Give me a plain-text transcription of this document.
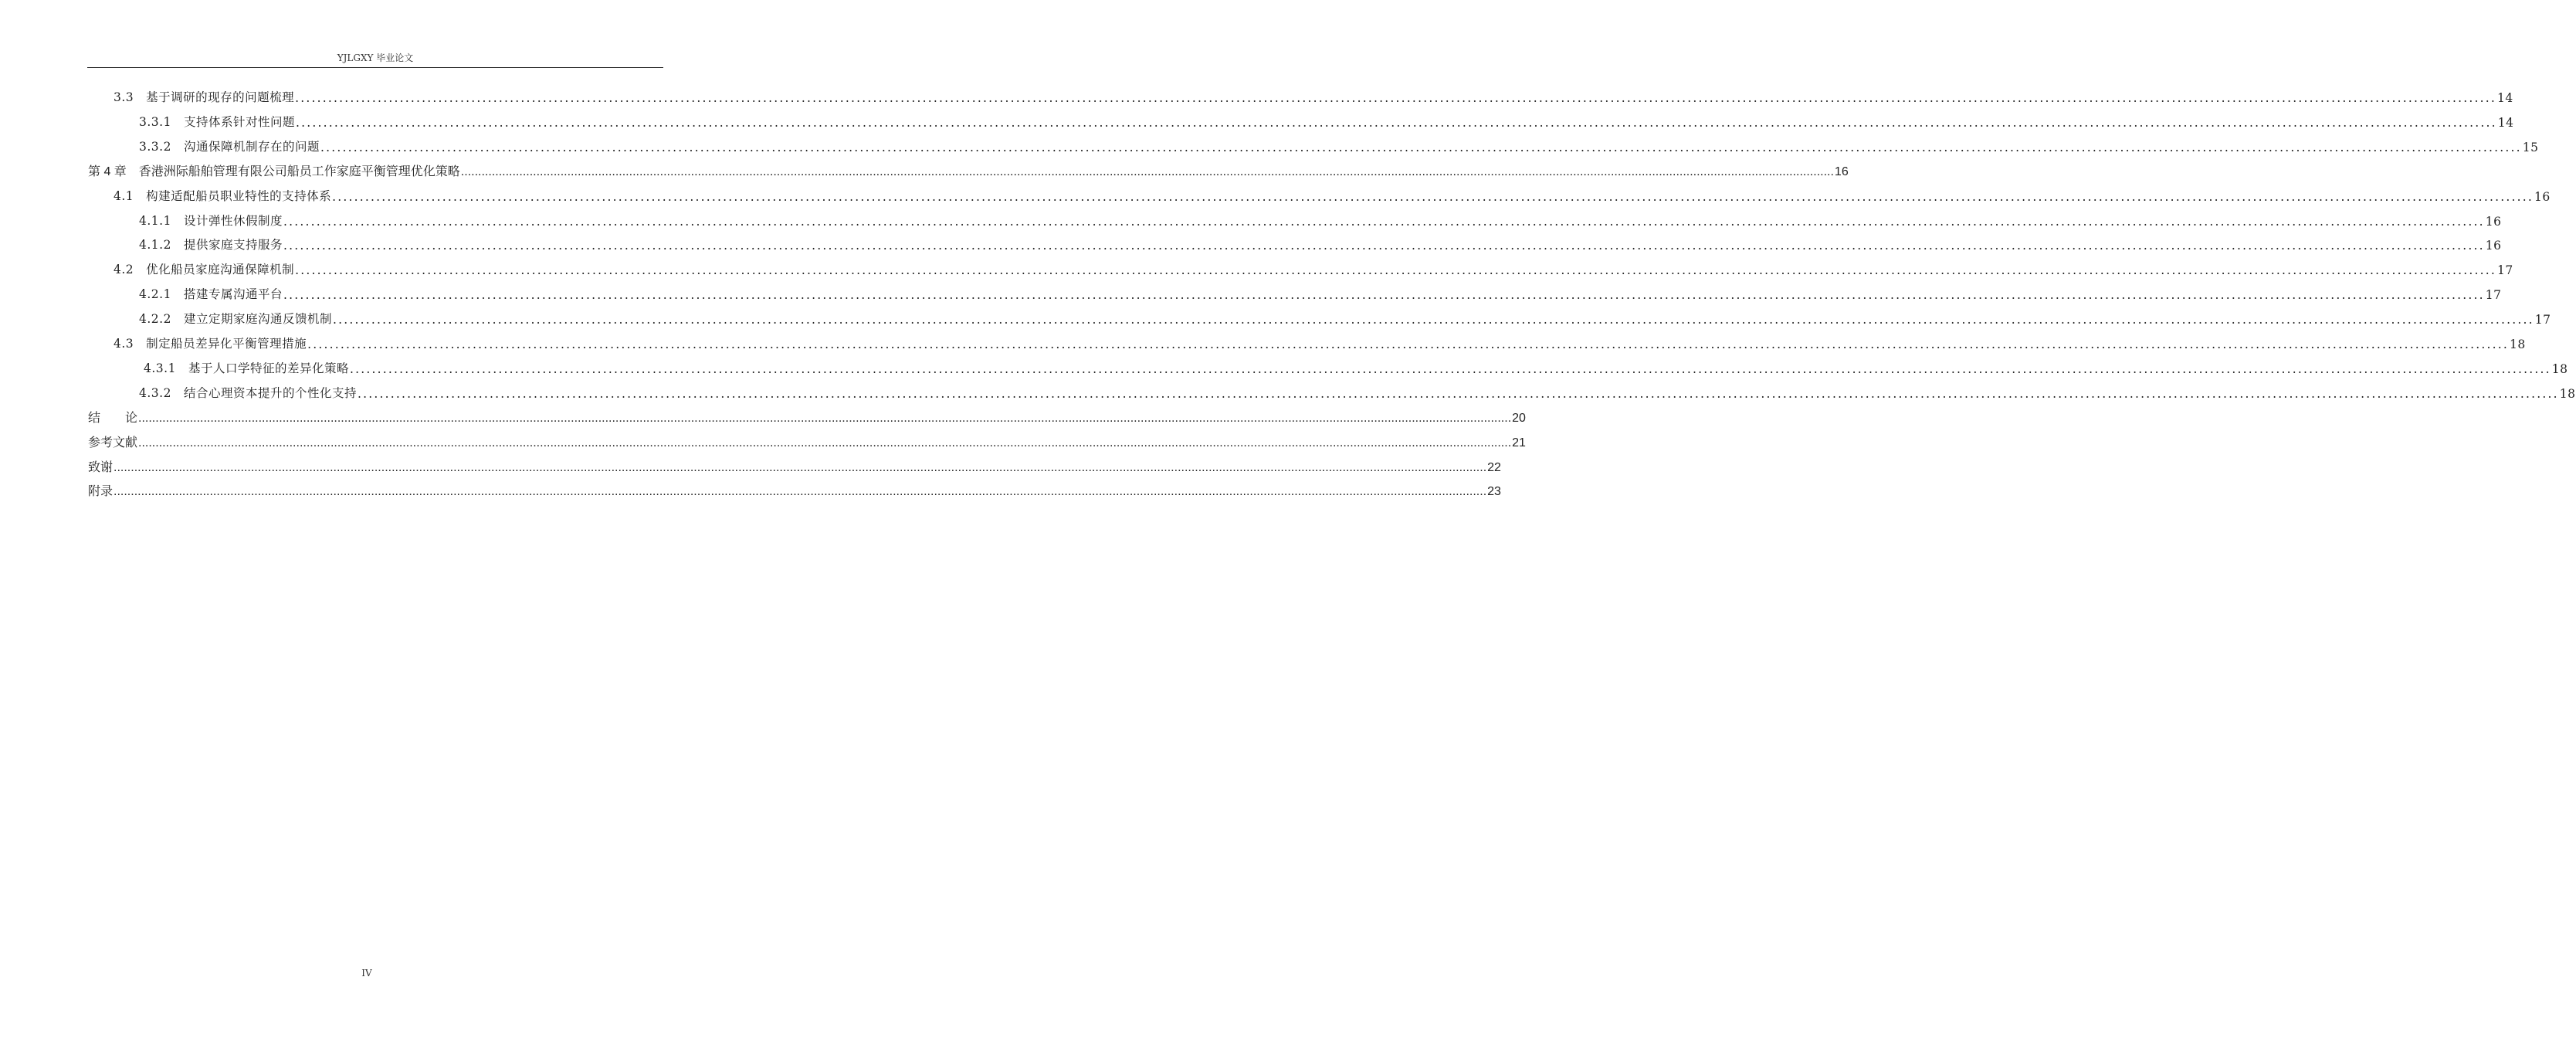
YJLGXY 毕业论文
3.3　基于调研的现存的问题梳理 ................................................................................................................................................................................................................................................................................................................................................................................................................ 14
3.3.1　支持体系针对性问题 ................................................................................................................................................................................................................................................................................................................................................................................................................ 14
3.3.2　沟通保障机制存在的问题 ................................................................................................................................................................................................................................................................................................................................................................................................................ 15
第 4 章　香港洲际船舶管理有限公司船员工作家庭平衡管理优化策略 ................................................................................................................................................................................................................................................................................................................................................................................................................ 16
4.1　构建适配船员职业特性的支持体系 ................................................................................................................................................................................................................................................................................................................................................................................................................ 16
4.1.1　设计弹性休假制度 ................................................................................................................................................................................................................................................................................................................................................................................................................ 16
4.1.2　提供家庭支持服务 ................................................................................................................................................................................................................................................................................................................................................................................................................ 16
4.2　优化船员家庭沟通保障机制 ................................................................................................................................................................................................................................................................................................................................................................................................................ 17
4.2.1　搭建专属沟通平台 ................................................................................................................................................................................................................................................................................................................................................................................................................ 17
4.2.2　建立定期家庭沟通反馈机制 ................................................................................................................................................................................................................................................................................................................................................................................................................ 17
4.3　制定船员差异化平衡管理措施 ................................................................................................................................................................................................................................................................................................................................................................................................................ 18
4.3.1　基于人口学特征的差异化策略 ................................................................................................................................................................................................................................................................................................................................................................................................................ 18
4.3.2　结合心理资本提升的个性化支持 ................................................................................................................................................................................................................................................................................................................................................................................................................ 18
结　　论 ................................................................................................................................................................................................................................................................................................................................................................................................................ 20
参考文献 ................................................................................................................................................................................................................................................................................................................................................................................................................ 21
致谢 ................................................................................................................................................................................................................................................................................................................................................................................................................ 22
附录 ................................................................................................................................................................................................................................................................................................................................................................................................................ 23
IV
